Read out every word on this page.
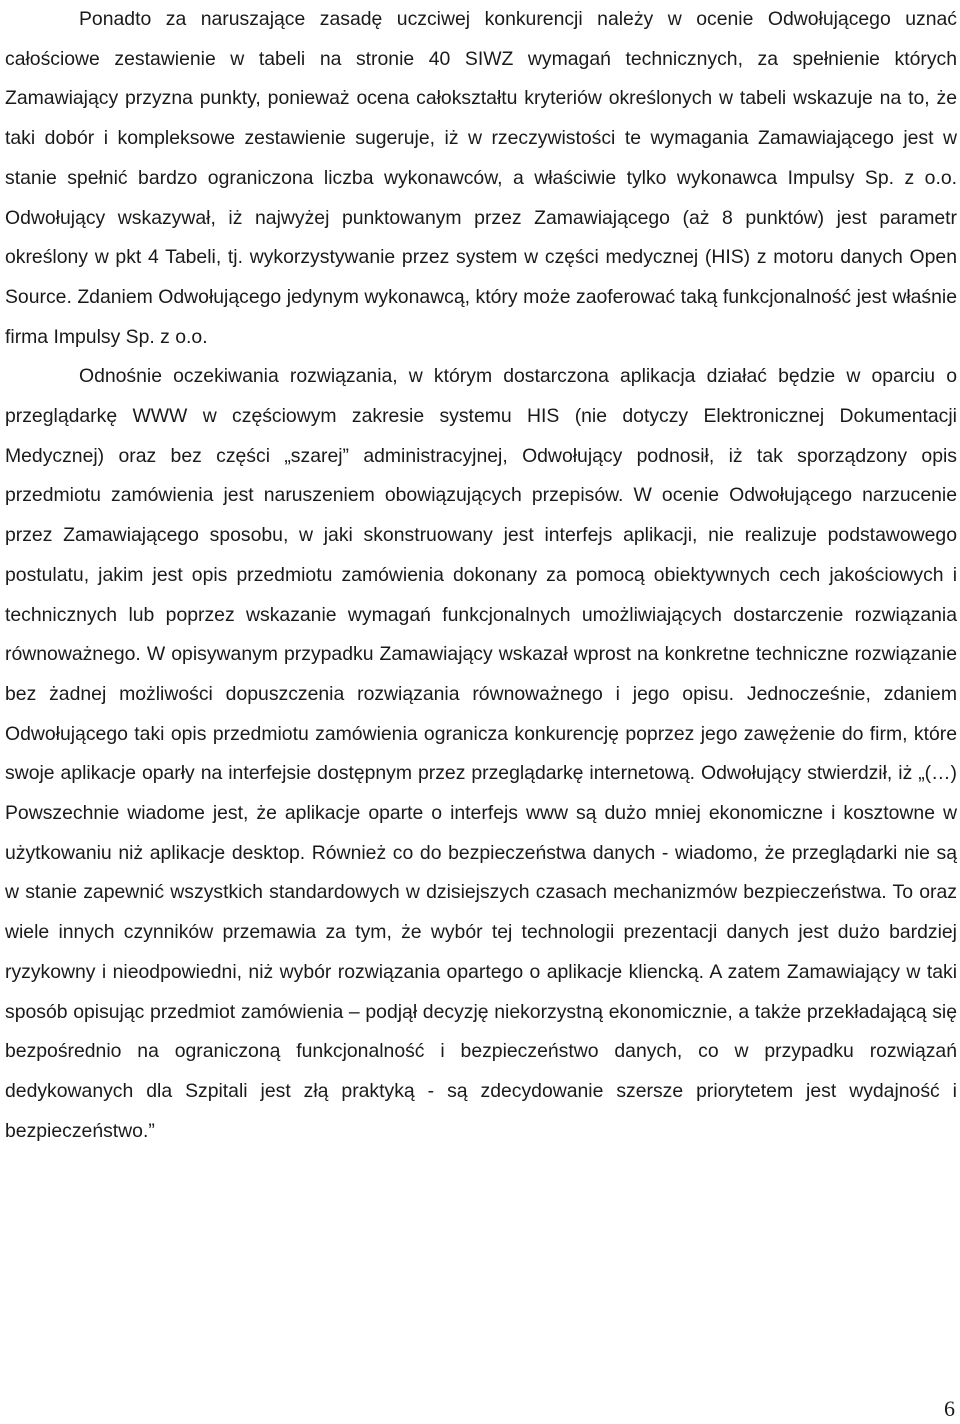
Ponadto za naruszające zasadę uczciwej konkurencji należy w ocenie Odwołującego uznać całościowe zestawienie w tabeli na stronie 40 SIWZ wymagań technicznych, za spełnienie których Zamawiający przyzna punkty, ponieważ ocena całokształtu kryteriów określonych w tabeli wskazuje na to, że taki dobór i kompleksowe zestawienie sugeruje, iż w rzeczywistości te wymagania Zamawiającego jest w stanie spełnić bardzo ograniczona liczba wykonawców, a właściwie tylko wykonawca Impulsy Sp. z o.o. Odwołujący wskazywał, iż najwyżej punktowanym przez Zamawiającego (aż 8 punktów) jest parametr określony w pkt 4 Tabeli, tj. wykorzystywanie przez system w części medycznej (HIS) z motoru danych Open Source. Zdaniem Odwołującego jedynym wykonawcą, który może zaoferować taką funkcjonalność jest właśnie firma Impulsy Sp. z o.o.

Odnośnie oczekiwania rozwiązania, w którym dostarczona aplikacja działać będzie w oparciu o przeglądarkę WWW w częściowym zakresie systemu HIS (nie dotyczy Elektronicznej Dokumentacji Medycznej) oraz bez części „szarej” administracyjnej, Odwołujący podnosił, iż tak sporządzony opis przedmiotu zamówienia jest naruszeniem obowiązujących przepisów. W ocenie Odwołującego narzucenie przez Zamawiającego sposobu, w jaki skonstruowany jest interfejs aplikacji, nie realizuje podstawowego postulatu, jakim jest opis przedmiotu zamówienia dokonany za pomocą obiektywnych cech jakościowych i technicznych lub poprzez wskazanie wymagań funkcjonalnych umożliwiających dostarczenie rozwiązania równoważnego. W opisywanym przypadku Zamawiający wskazał wprost na konkretne techniczne rozwiązanie bez żadnej możliwości dopuszczenia rozwiązania równoważnego i jego opisu. Jednocześnie, zdaniem Odwołującego taki opis przedmiotu zamówienia ogranicza konkurencję poprzez jego zawężenie do firm, które swoje aplikacje oparły na interfejsie dostępnym przez przeglądarkę internetową. Odwołujący stwierdził, iż „(…) Powszechnie wiadome jest, że aplikacje oparte o interfejs www są dużo mniej ekonomiczne i kosztowne w użytkowaniu niż aplikacje desktop. Również co do bezpieczeństwa danych - wiadomo, że przeglądarki nie są w stanie zapewnić wszystkich standardowych w dzisiejszych czasach mechanizmów bezpieczeństwa. To oraz wiele innych czynników przemawia za tym, że wybór tej technologii prezentacji danych jest dużo bardziej ryzykowny i nieodpowiedni, niż wybór rozwiązania opartego o aplikacje kliencką. A zatem Zamawiający w taki sposób opisując przedmiot zamówienia – podjął decyzję niekorzystną ekonomicznie, a także przekładającą się bezpośrednio na ograniczoną funkcjonalność i bezpieczeństwo danych, co w przypadku rozwiązań dedykowanych dla Szpitali jest złą praktyką - są zdecydowanie szersze priorytetem jest wydajność i bezpieczeństwo.”

6
